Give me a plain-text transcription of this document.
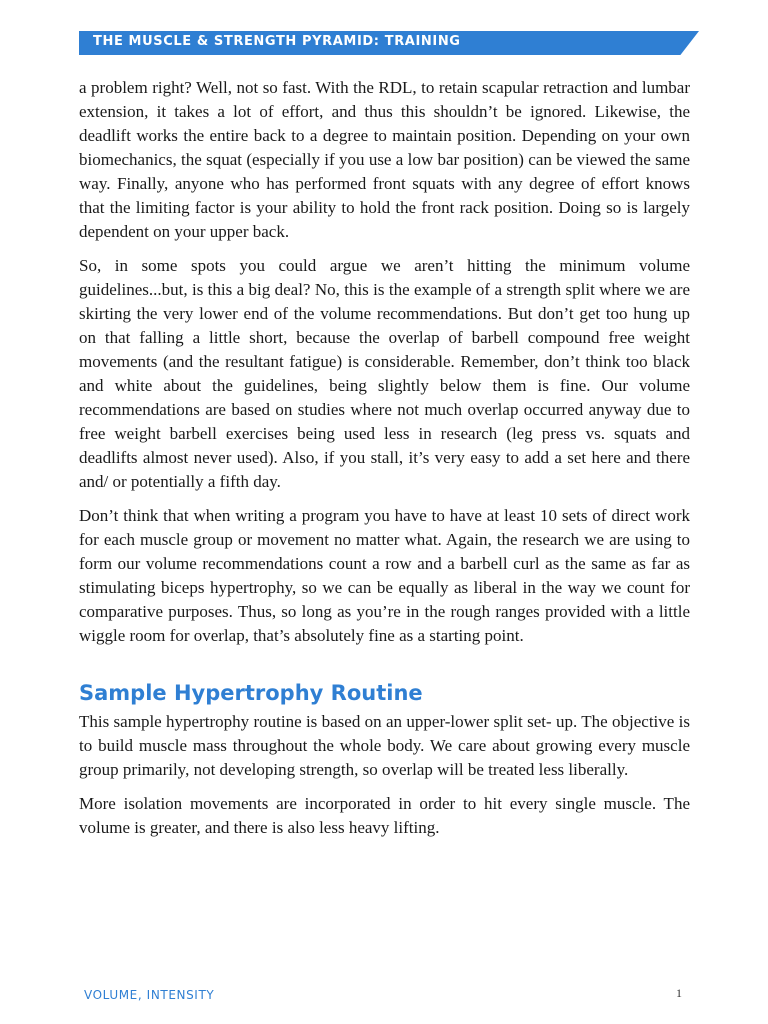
THE MUSCLE & STRENGTH PYRAMID: TRAINING

a problem right? Well, not so fast. With the RDL, to retain scapular retraction and lumbar extension, it takes a lot of effort, and thus this shouldn’t be ignored. Likewise, the deadlift works the entire back to a degree to maintain position. Depending on your own biomechanics, the squat (especially if you use a low bar position) can be viewed the same way. Finally, anyone who has performed front squats with any degree of effort knows that the limiting factor is your ability to hold the front rack position. Doing so is largely dependent on your upper back.

So, in some spots you could argue we aren’t hitting the minimum volume guidelines...but, is this a big deal? No, this is the example of a strength split where we are skirting the very lower end of the volume recommendations. But don’t get too hung up on that falling a little short, because the overlap of barbell compound free weight movements (and the resultant fatigue) is considerable. Remember, don’t think too black and white about the guidelines, being slightly below them is fine. Our volume recommendations are based on studies where not much overlap occurred anyway due to free weight barbell exercises being used less in research (leg press vs. squats and deadlifts almost never used). Also, if you stall, it’s very easy to add a set here and there and/ or potentially a fifth day.

Don’t think that when writing a program you have to have at least 10 sets of direct work for each muscle group or movement no matter what. Again, the research we are using to form our volume recommendations count a row and a barbell curl as the same as far as stimulating biceps hypertrophy, so we can be equally as liberal in the way we count for comparative purposes. Thus, so long as you’re in the rough ranges provided with a little wiggle room for overlap, that’s absolutely fine as a starting point.

Sample Hypertrophy Routine

This sample hypertrophy routine is based on an upper-lower split set- up. The objective is to build muscle mass throughout the whole body. We care about growing every muscle group primarily, not developing strength, so overlap will be treated less liberally.

More isolation movements are incorporated in order to hit every single muscle. The volume is greater, and there is also less heavy lifting.

VOLUME, INTENSITY	1
